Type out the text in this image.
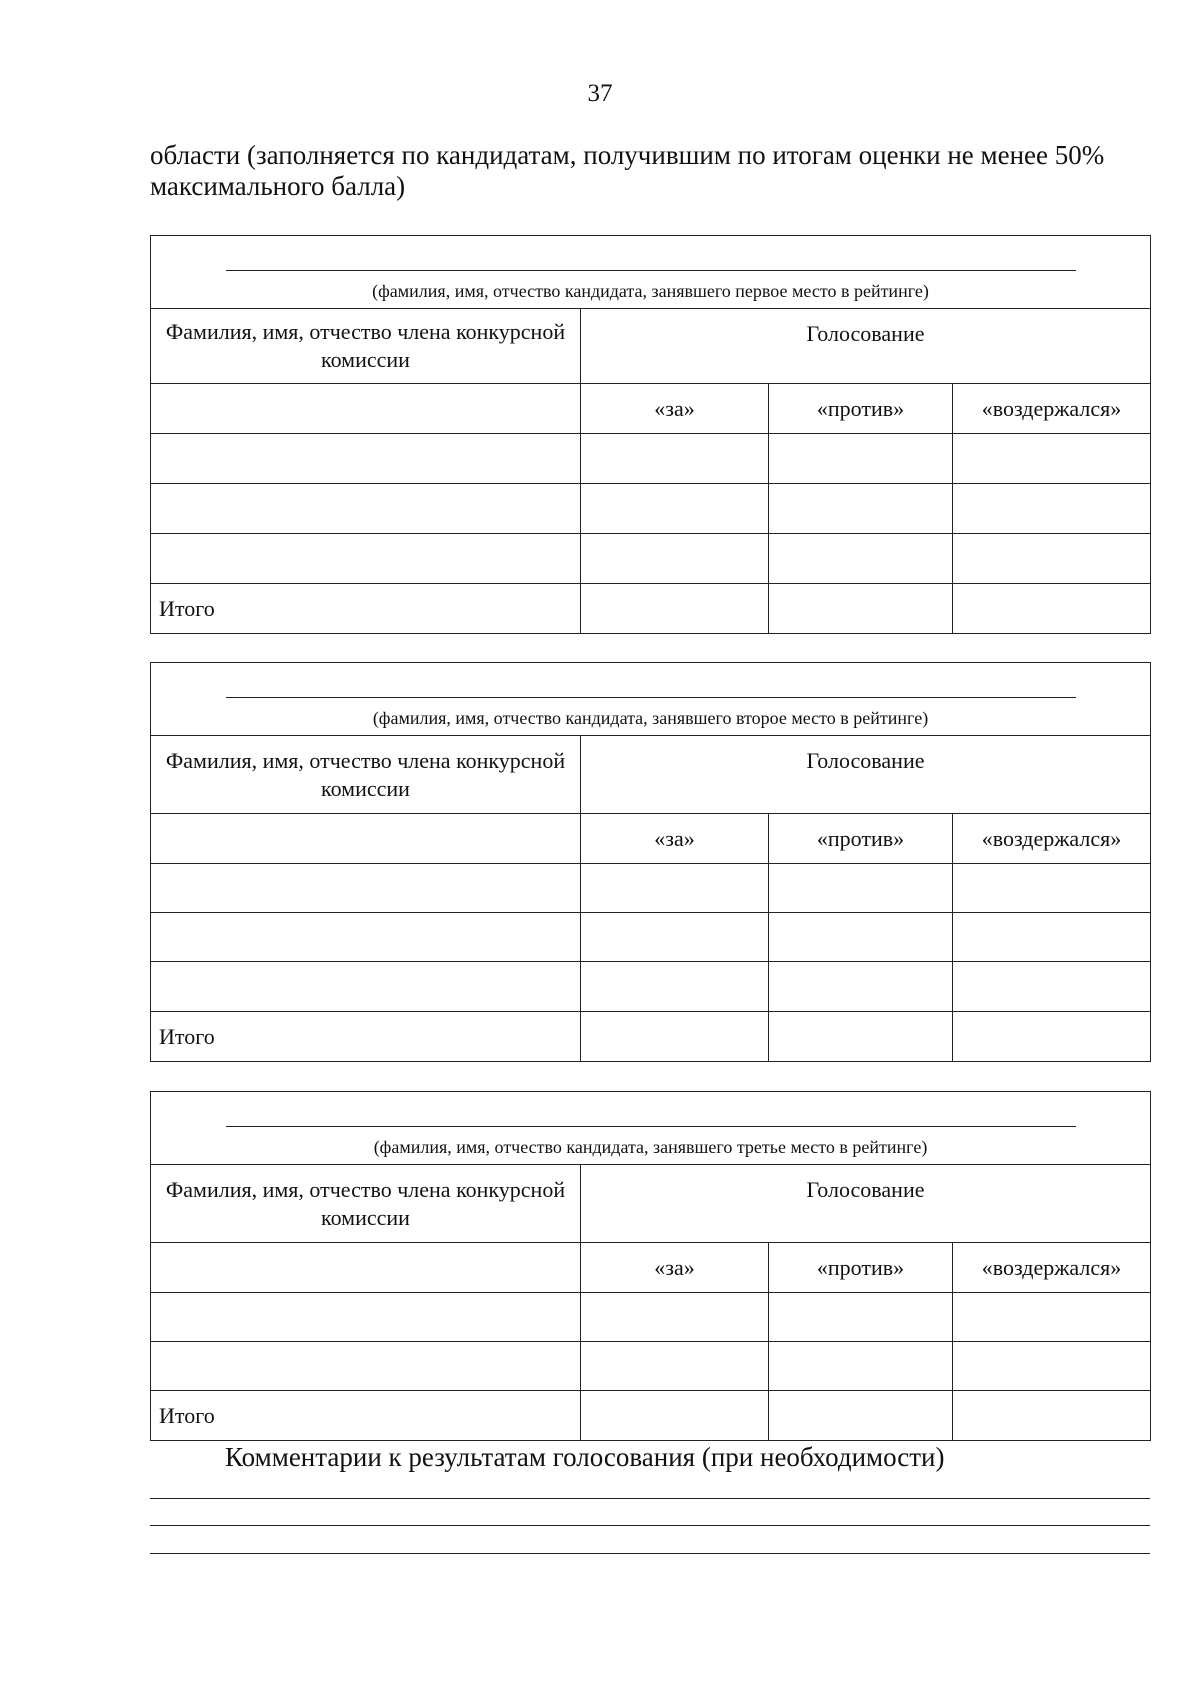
37
области (заполняется по кандидатам, получившим по итогам оценки не менее 50% максимального балла)
(фамилия, имя, отчество кандидата, занявшего первое место в рейтинге)			

Фамилия, имя, отчество члена конкурсной комиссии	Голосование		
	«за»	«против»	«воздержался»

Итого			
(фамилия, имя, отчество кандидата, занявшего второе место в рейтинге)			

Фамилия, имя, отчество члена конкурсной комиссии	Голосование		
	«за»	«против»	«воздержался»

Итого			
(фамилия, имя, отчество кандидата, занявшего третье место в рейтинге)			

Фамилия, имя, отчество члена конкурсной комиссии	Голосование		
	«за»	«против»	«воздержался»

Итого			
Комментарии к результатам голосования (при необходимости)
